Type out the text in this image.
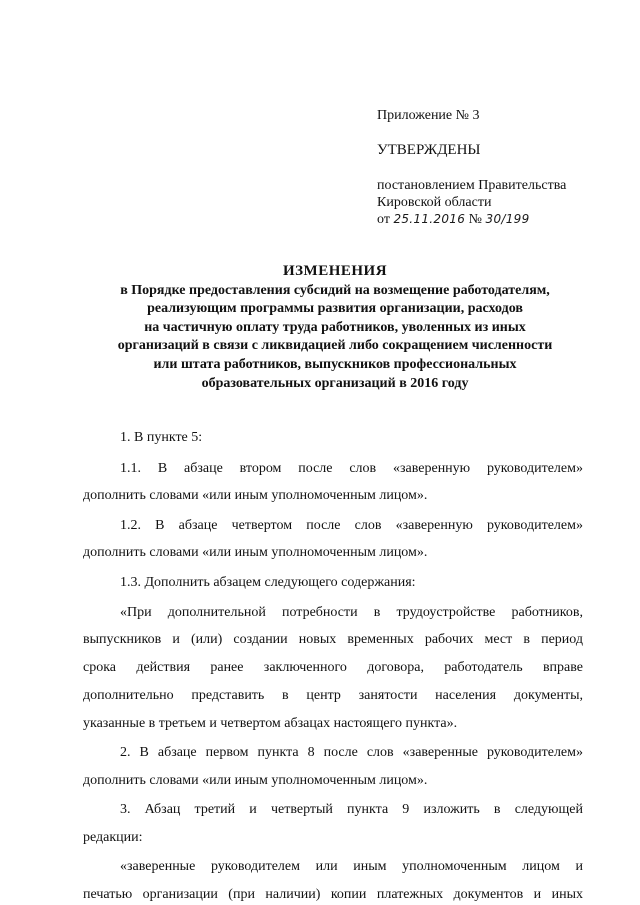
Приложение № 3
УТВЕРЖДЕНЫ
постановлением Правительства
Кировской области
от 25.11.2016 № 30/199
ИЗМЕНЕНИЯ
в Порядке предоставления субсидий на возмещение работодателям,
реализующим программы развития организации, расходов
на частичную оплату труда работников, уволенных из иных
организаций в связи с ликвидацией либо сокращением численности
или штата работников, выпускников профессиональных
образовательных организаций в 2016 году
1. В пункте 5:
1.1. В абзаце втором после слов «заверенную руководителем»
дополнить словами «или иным уполномоченным лицом».
1.2. В абзаце четвертом после слов «заверенную руководителем»
дополнить словами «или иным уполномоченным лицом».
1.3. Дополнить абзацем следующего содержания:
«При дополнительной потребности в трудоустройстве работников,
выпускников и (или) создании новых временных рабочих мест в период
срока действия ранее заключенного договора, работодатель вправе
дополнительно представить в центр занятости населения документы,
указанные в третьем и четвертом абзацах настоящего пункта».
2. В абзаце первом пункта 8 после слов «заверенные руководителем»
дополнить словами «или иным уполномоченным лицом».
3. Абзац третий и четвертый пункта 9 изложить в следующей
редакции:
«заверенные руководителем или иным уполномоченным лицом и
печатью организации (при наличии) копии платежных документов и иных
